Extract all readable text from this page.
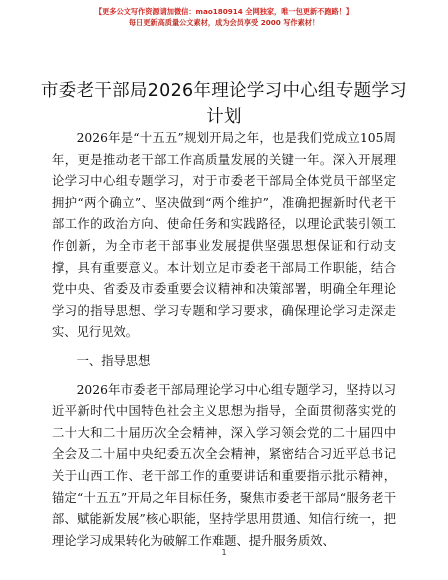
【更多公文写作资源请加微信：mao180914 全网独家，唯一包更新不跑路！】
每日更新高质量公文素材，成为会员享受 2000 写作素材！
市委老干部局2026年理论学习中心组专题学习计划

2026年是“十五五”规划开局之年，也是我们党成立105周年，更是推动老干部工作高质量发展的关键一年。深入开展理论学习中心组专题学习，对于市委老干部局全体党员干部坚定拥护“两个确立”、坚决做到“两个维护”，准确把握新时代老干部工作的政治方向、使命任务和实践路径，以理论武装引领工作创新，为全市老干部事业发展提供坚强思想保证和行动支撑，具有重要意义。本计划立足市委老干部局工作职能，结合党中央、省委及市委重要会议精神和决策部署，明确全年理论学习的指导思想、学习专题和学习要求，确保理论学习走深走实、见行见效。

一、指导思想

2026年市委老干部局理论学习中心组专题学习，坚持以习近平新时代中国特色社会主义思想为指导，全面贯彻落实党的二十大和二十届历次全会精神，深入学习领会党的二十届四中全会及二十届中央纪委五次全会精神，紧密结合习近平总书记关于山西工作、老干部工作的重要讲话和重要指示批示精神，锚定“十五五”开局之年目标任务，聚焦市委老干部局“服务老干部、赋能新发展”核心职能，坚持学思用贯通、知信行统一，把理论学习成果转化为破解工作难题、提升服务质效、

1
